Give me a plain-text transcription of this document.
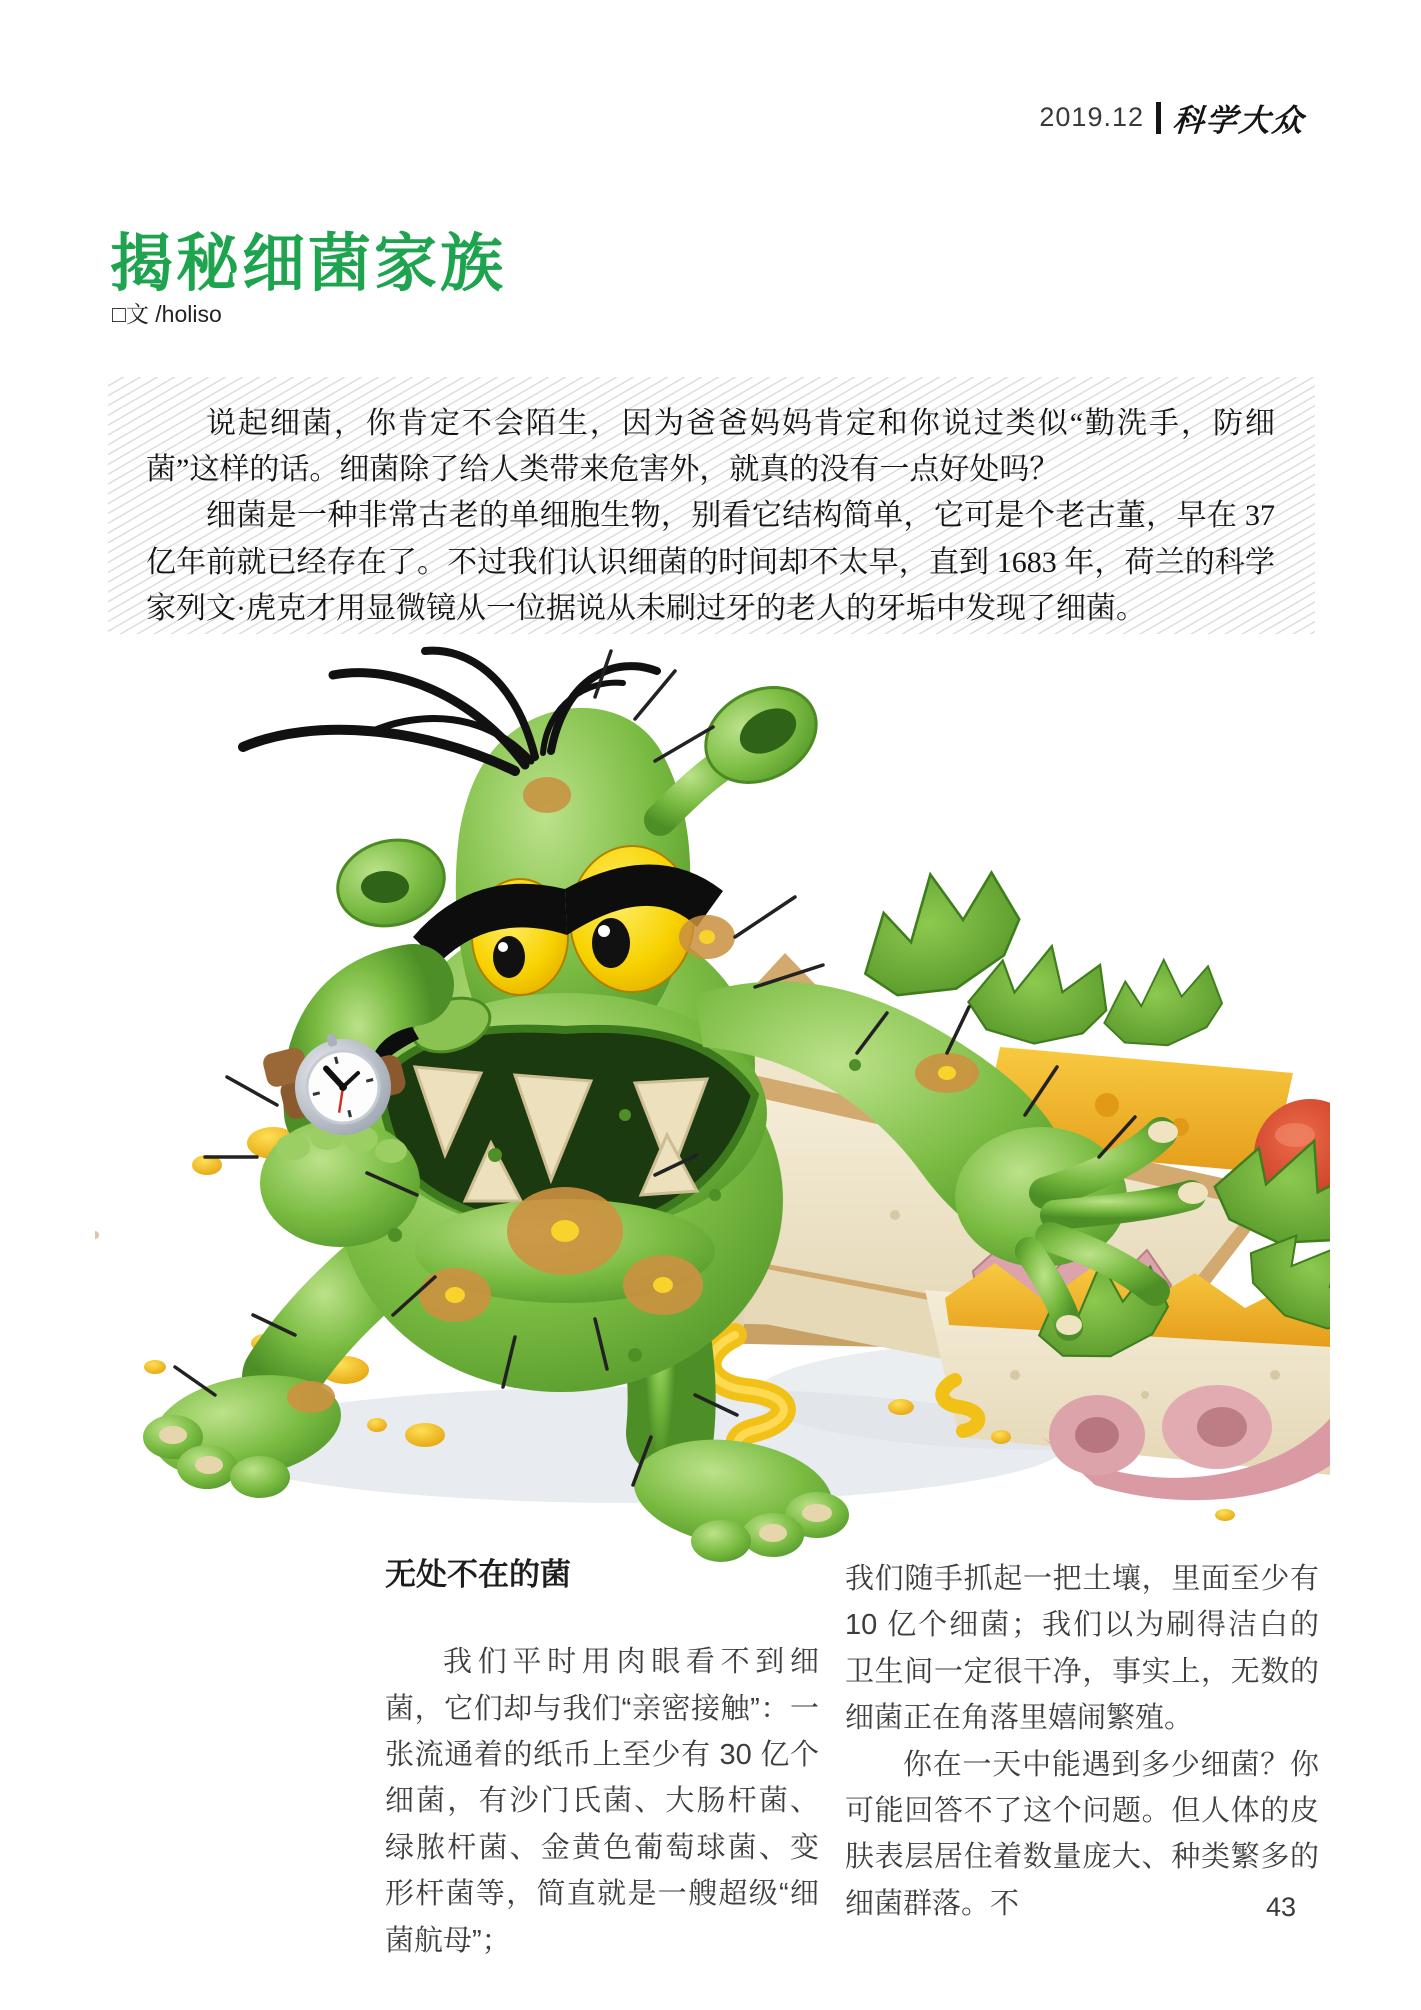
2019.12 科学大众
揭秘细菌家族
□文 /holiso

说起细菌，你肯定不会陌生，因为爸爸妈妈肯定和你说过类似“勤洗手，防细菌”这样的话。细菌除了给人类带来危害外，就真的没有一点好处吗？

细菌是一种非常古老的单细胞生物，别看它结构简单，它可是个老古董，早在 37 亿年前就已经存在了。不过我们认识细菌的时间却不太早，直到 1683 年，荷兰的科学家列文·虎克才用显微镜从一位据说从未刷过牙的老人的牙垢中发现了细菌。

无处不在的菌

我们平时用肉眼看不到细菌，它们却与我们“亲密接触”：一张流通着的纸币上至少有 30 亿个细菌，有沙门氏菌、大肠杆菌、绿脓杆菌、金黄色葡萄球菌、变形杆菌等，简直就是一艘超级“细菌航母”；

我们随手抓起一把土壤，里面至少有 10 亿个细菌；我们以为刷得洁白的卫生间一定很干净，事实上，无数的细菌正在角落里嬉闹繁殖。

你在一天中能遇到多少细菌？你可能回答不了这个问题。但人体的皮肤表层居住着数量庞大、种类繁多的细菌群落。不	43
